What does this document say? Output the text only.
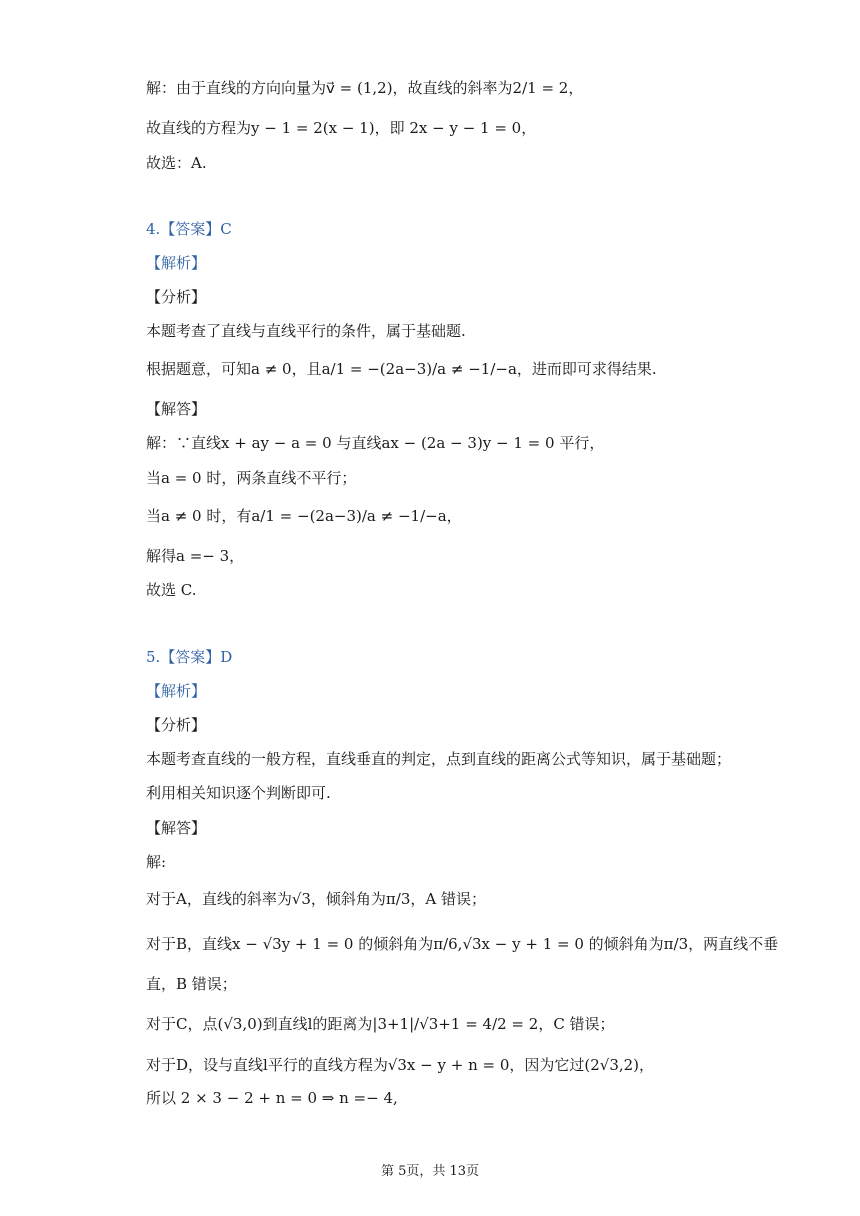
解：由于直线的方向向量为v⃗ = (1,2)，故直线的斜率为2/1 = 2，
故直线的方程为y − 1 = 2(x − 1)，即 2x − y − 1 = 0，
故选：A.
4.【答案】C
【解析】
【分析】
本题考查了直线与直线平行的条件，属于基础题.
根据题意，可知a ≠ 0，且a/1 = −(2a−3)/a ≠ −1/−a，进而即可求得结果.
【解答】
解：∵直线x + ay − a = 0 与直线ax − (2a − 3)y − 1 = 0 平行，
当a = 0 时，两条直线不平行；
当a ≠ 0 时，有a/1 = −(2a−3)/a ≠ −1/−a，
解得a =− 3，
故选 C.
5.【答案】D
【解析】
【分析】
本题考查直线的一般方程，直线垂直的判定，点到直线的距离公式等知识，属于基础题；
利用相关知识逐个判断即可.
【解答】
解:
对于A，直线的斜率为√3，倾斜角为π/3，A 错误；
对于B，直线x − √3y + 1 = 0 的倾斜角为π/6,√3x − y + 1 = 0 的倾斜角为π/3，两直线不垂
直，B 错误；
对于C，点(√3,0)到直线l的距离为|3+1|/√3+1 = 4/2 = 2，C 错误；
对于D，设与直线l平行的直线方程为√3x − y + n = 0，因为它过(2√3,2)，
所以 2 × 3 − 2 + n = 0 ⇒ n =− 4,
第 5页，共 13页
